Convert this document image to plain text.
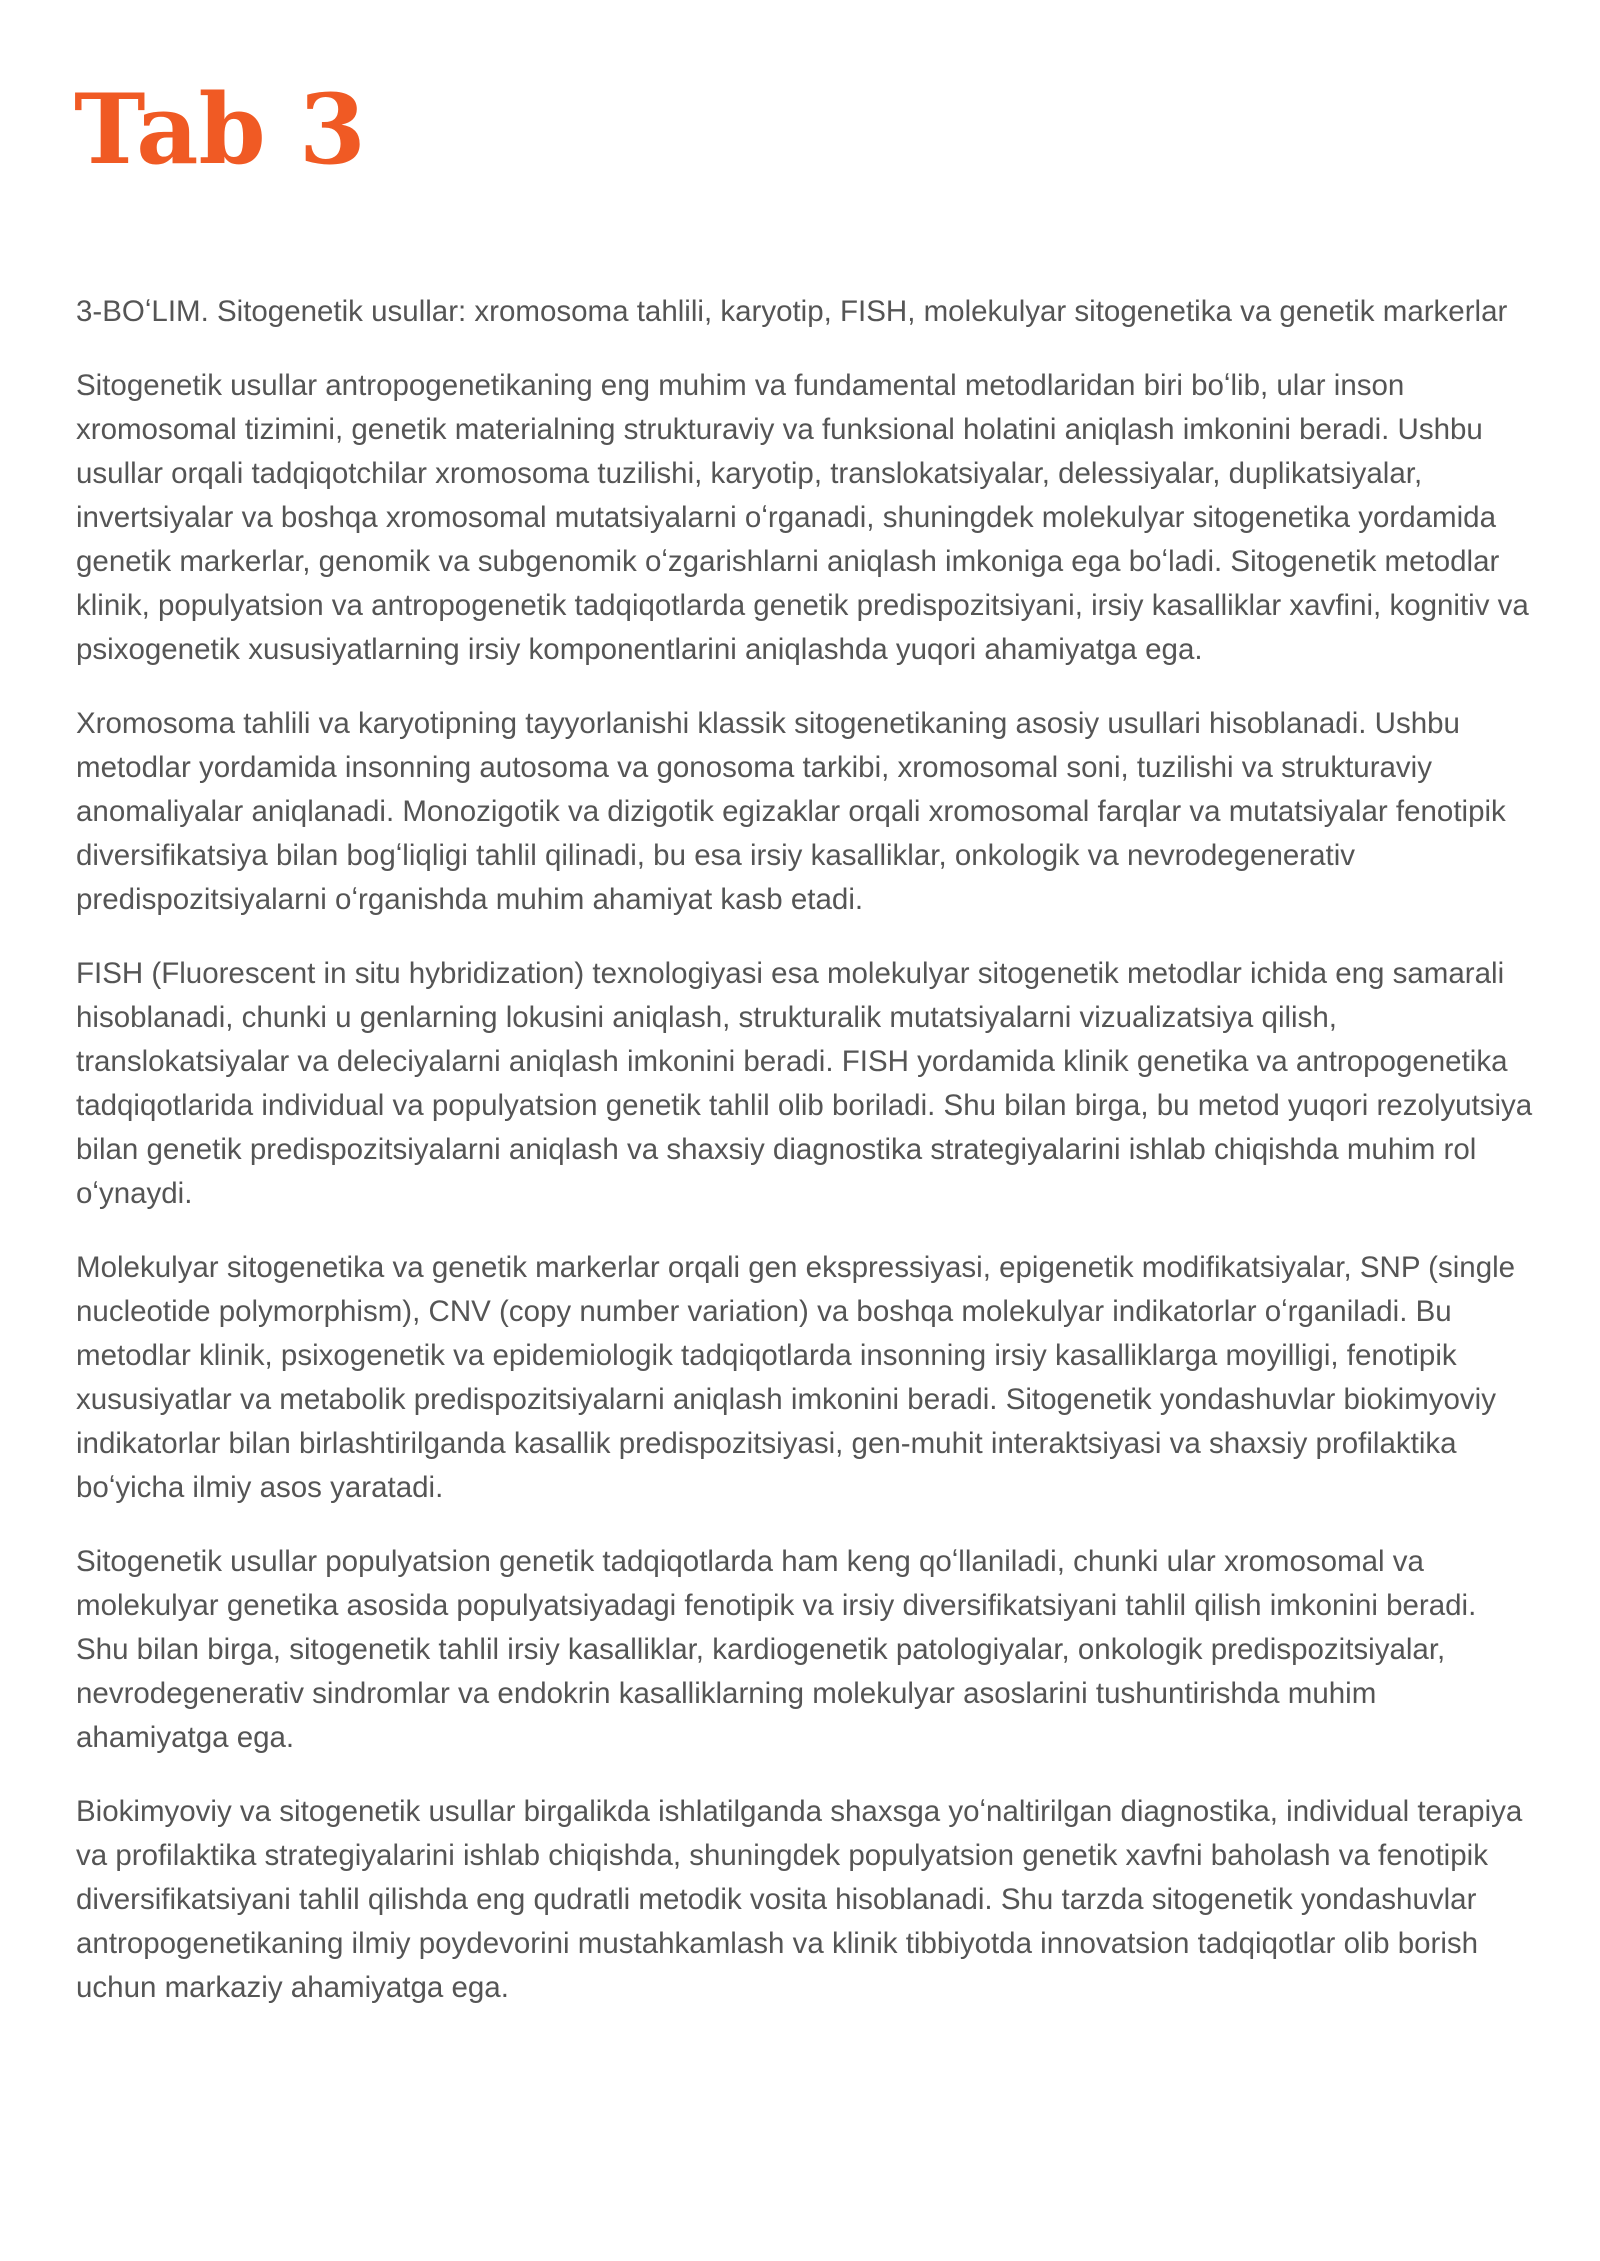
Tab 3

3-BOʻLIM. Sitogenetik usullar: xromosoma tahlili, karyotip, FISH, molekulyar sitogenetika va genetik markerlar

Sitogenetik usullar antropogenetikaning eng muhim va fundamental metodlaridan biri boʻlib, ular inson xromosomal tizimini, genetik materialning strukturaviy va funksional holatini aniqlash imkonini beradi. Ushbu usullar orqali tadqiqotchilar xromosoma tuzilishi, karyotip, translokatsiyalar, delessiyalar, duplikatsiyalar, invertsiyalar va boshqa xromosomal mutatsiyalarni oʻrganadi, shuningdek molekulyar sitogenetika yordamida genetik markerlar, genomik va subgenomik oʻzgarishlarni aniqlash imkoniga ega boʻladi. Sitogenetik metodlar klinik, populyatsion va antropogenetik tadqiqotlarda genetik predispozitsiyani, irsiy kasalliklar xavfini, kognitiv va psixogenetik xususiyatlarning irsiy komponentlarini aniqlashda yuqori ahamiyatga ega.

Xromosoma tahlili va karyotipning tayyorlanishi klassik sitogenetikaning asosiy usullari hisoblanadi. Ushbu metodlar yordamida insonning autosoma va gonosoma tarkibi, xromosomal soni, tuzilishi va strukturaviy anomaliyalar aniqlanadi. Monozigotik va dizigotik egizaklar orqali xromosomal farqlar va mutatsiyalar fenotipik diversifikatsiya bilan bogʻliqligi tahlil qilinadi, bu esa irsiy kasalliklar, onkologik va nevrodegenerativ predispozitsiyalarni oʻrganishda muhim ahamiyat kasb etadi.

FISH (Fluorescent in situ hybridization) texnologiyasi esa molekulyar sitogenetik metodlar ichida eng samarali hisoblanadi, chunki u genlarning lokusini aniqlash, strukturalik mutatsiyalarni vizualizatsiya qilish, translokatsiyalar va deleciyalarni aniqlash imkonini beradi. FISH yordamida klinik genetika va antropogenetika tadqiqotlarida individual va populyatsion genetik tahlil olib boriladi. Shu bilan birga, bu metod yuqori rezolyutsiya bilan genetik predispozitsiyalarni aniqlash va shaxsiy diagnostika strategiyalarini ishlab chiqishda muhim rol oʻynaydi.

Molekulyar sitogenetika va genetik markerlar orqali gen ekspressiyasi, epigenetik modifikatsiyalar, SNP (single nucleotide polymorphism), CNV (copy number variation) va boshqa molekulyar indikatorlar oʻrganiladi. Bu metodlar klinik, psixogenetik va epidemiologik tadqiqotlarda insonning irsiy kasalliklarga moyilligi, fenotipik xususiyatlar va metabolik predispozitsiyalarni aniqlash imkonini beradi. Sitogenetik yondashuvlar biokimyoviy indikatorlar bilan birlashtirilganda kasallik predispozitsiyasi, gen-muhit interaktsiyasi va shaxsiy profilaktika boʻyicha ilmiy asos yaratadi.

Sitogenetik usullar populyatsion genetik tadqiqotlarda ham keng qoʻllaniladi, chunki ular xromosomal va molekulyar genetika asosida populyatsiyadagi fenotipik va irsiy diversifikatsiyani tahlil qilish imkonini beradi. Shu bilan birga, sitogenetik tahlil irsiy kasalliklar, kardiogenetik patologiyalar, onkologik predispozitsiyalar, nevrodegenerativ sindromlar va endokrin kasalliklarning molekulyar asoslarini tushuntirishda muhim ahamiyatga ega.

Biokimyoviy va sitogenetik usullar birgalikda ishlatilganda shaxsga yoʻnaltirilgan diagnostika, individual terapiya va profilaktika strategiyalarini ishlab chiqishda, shuningdek populyatsion genetik xavfni baholash va fenotipik diversifikatsiyani tahlil qilishda eng qudratli metodik vosita hisoblanadi. Shu tarzda sitogenetik yondashuvlar antropogenetikaning ilmiy poydevorini mustahkamlash va klinik tibbiyotda innovatsion tadqiqotlar olib borish uchun markaziy ahamiyatga ega.
